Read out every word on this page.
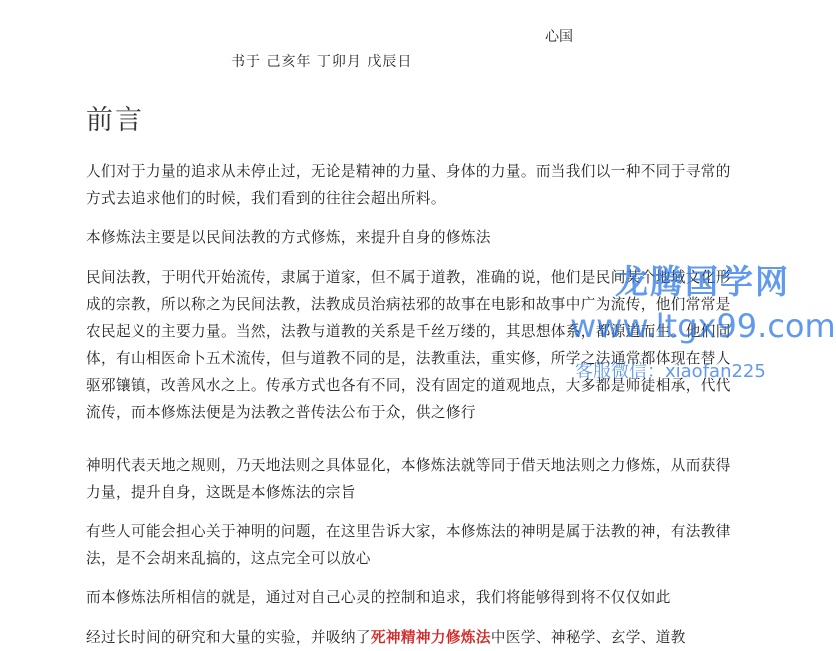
心国
书于 己亥年 丁卯月 戊辰日
前言

人们对于力量的追求从未停止过，无论是精神的力量、身体的力量。而当我们以一种不同于寻常的方式去追求他们的时候，我们看到的往往会超出所料。

本修炼法主要是以民间法教的方式修炼，来提升自身的修炼法

民间法教，于明代开始流传，隶属于道家，但不属于道教，准确的说，他们是民间某个地域文化形成的宗教，所以称之为民间法教，法教成员治病祛邪的故事在电影和故事中广为流传，他们常常是农民起义的主要力量。当然，法教与道教的关系是千丝万缕的，其思想体系，都源道而生。他们同体，有山相医命卜五术流传，但与道教不同的是，法教重法，重实修，所学之法通常都体现在替人驱邪镶镇，改善风水之上。传承方式也各有不同，没有固定的道观地点，大多都是师徒相承，代代流传，而本修炼法便是为法教之普传法公布于众，供之修行

神明代表天地之规则，乃天地法则之具体显化，本修炼法就等同于借天地法则之力修炼，从而获得力量，提升自身，这既是本修炼法的宗旨

有些人可能会担心关于神明的问题，在这里告诉大家，本修炼法的神明是属于法教的神，有法教律法，是不会胡来乱搞的，这点完全可以放心

而本修炼法所相信的就是，通过对自己心灵的控制和追求，我们将能够得到将不仅仅如此

经过长时间的研究和大量的实验，并吸纳了死神精神力修炼法中医学、神秘学、玄学、道教

龙腾国学网
www.ltgx99.com
客服微信：xiaofan225
